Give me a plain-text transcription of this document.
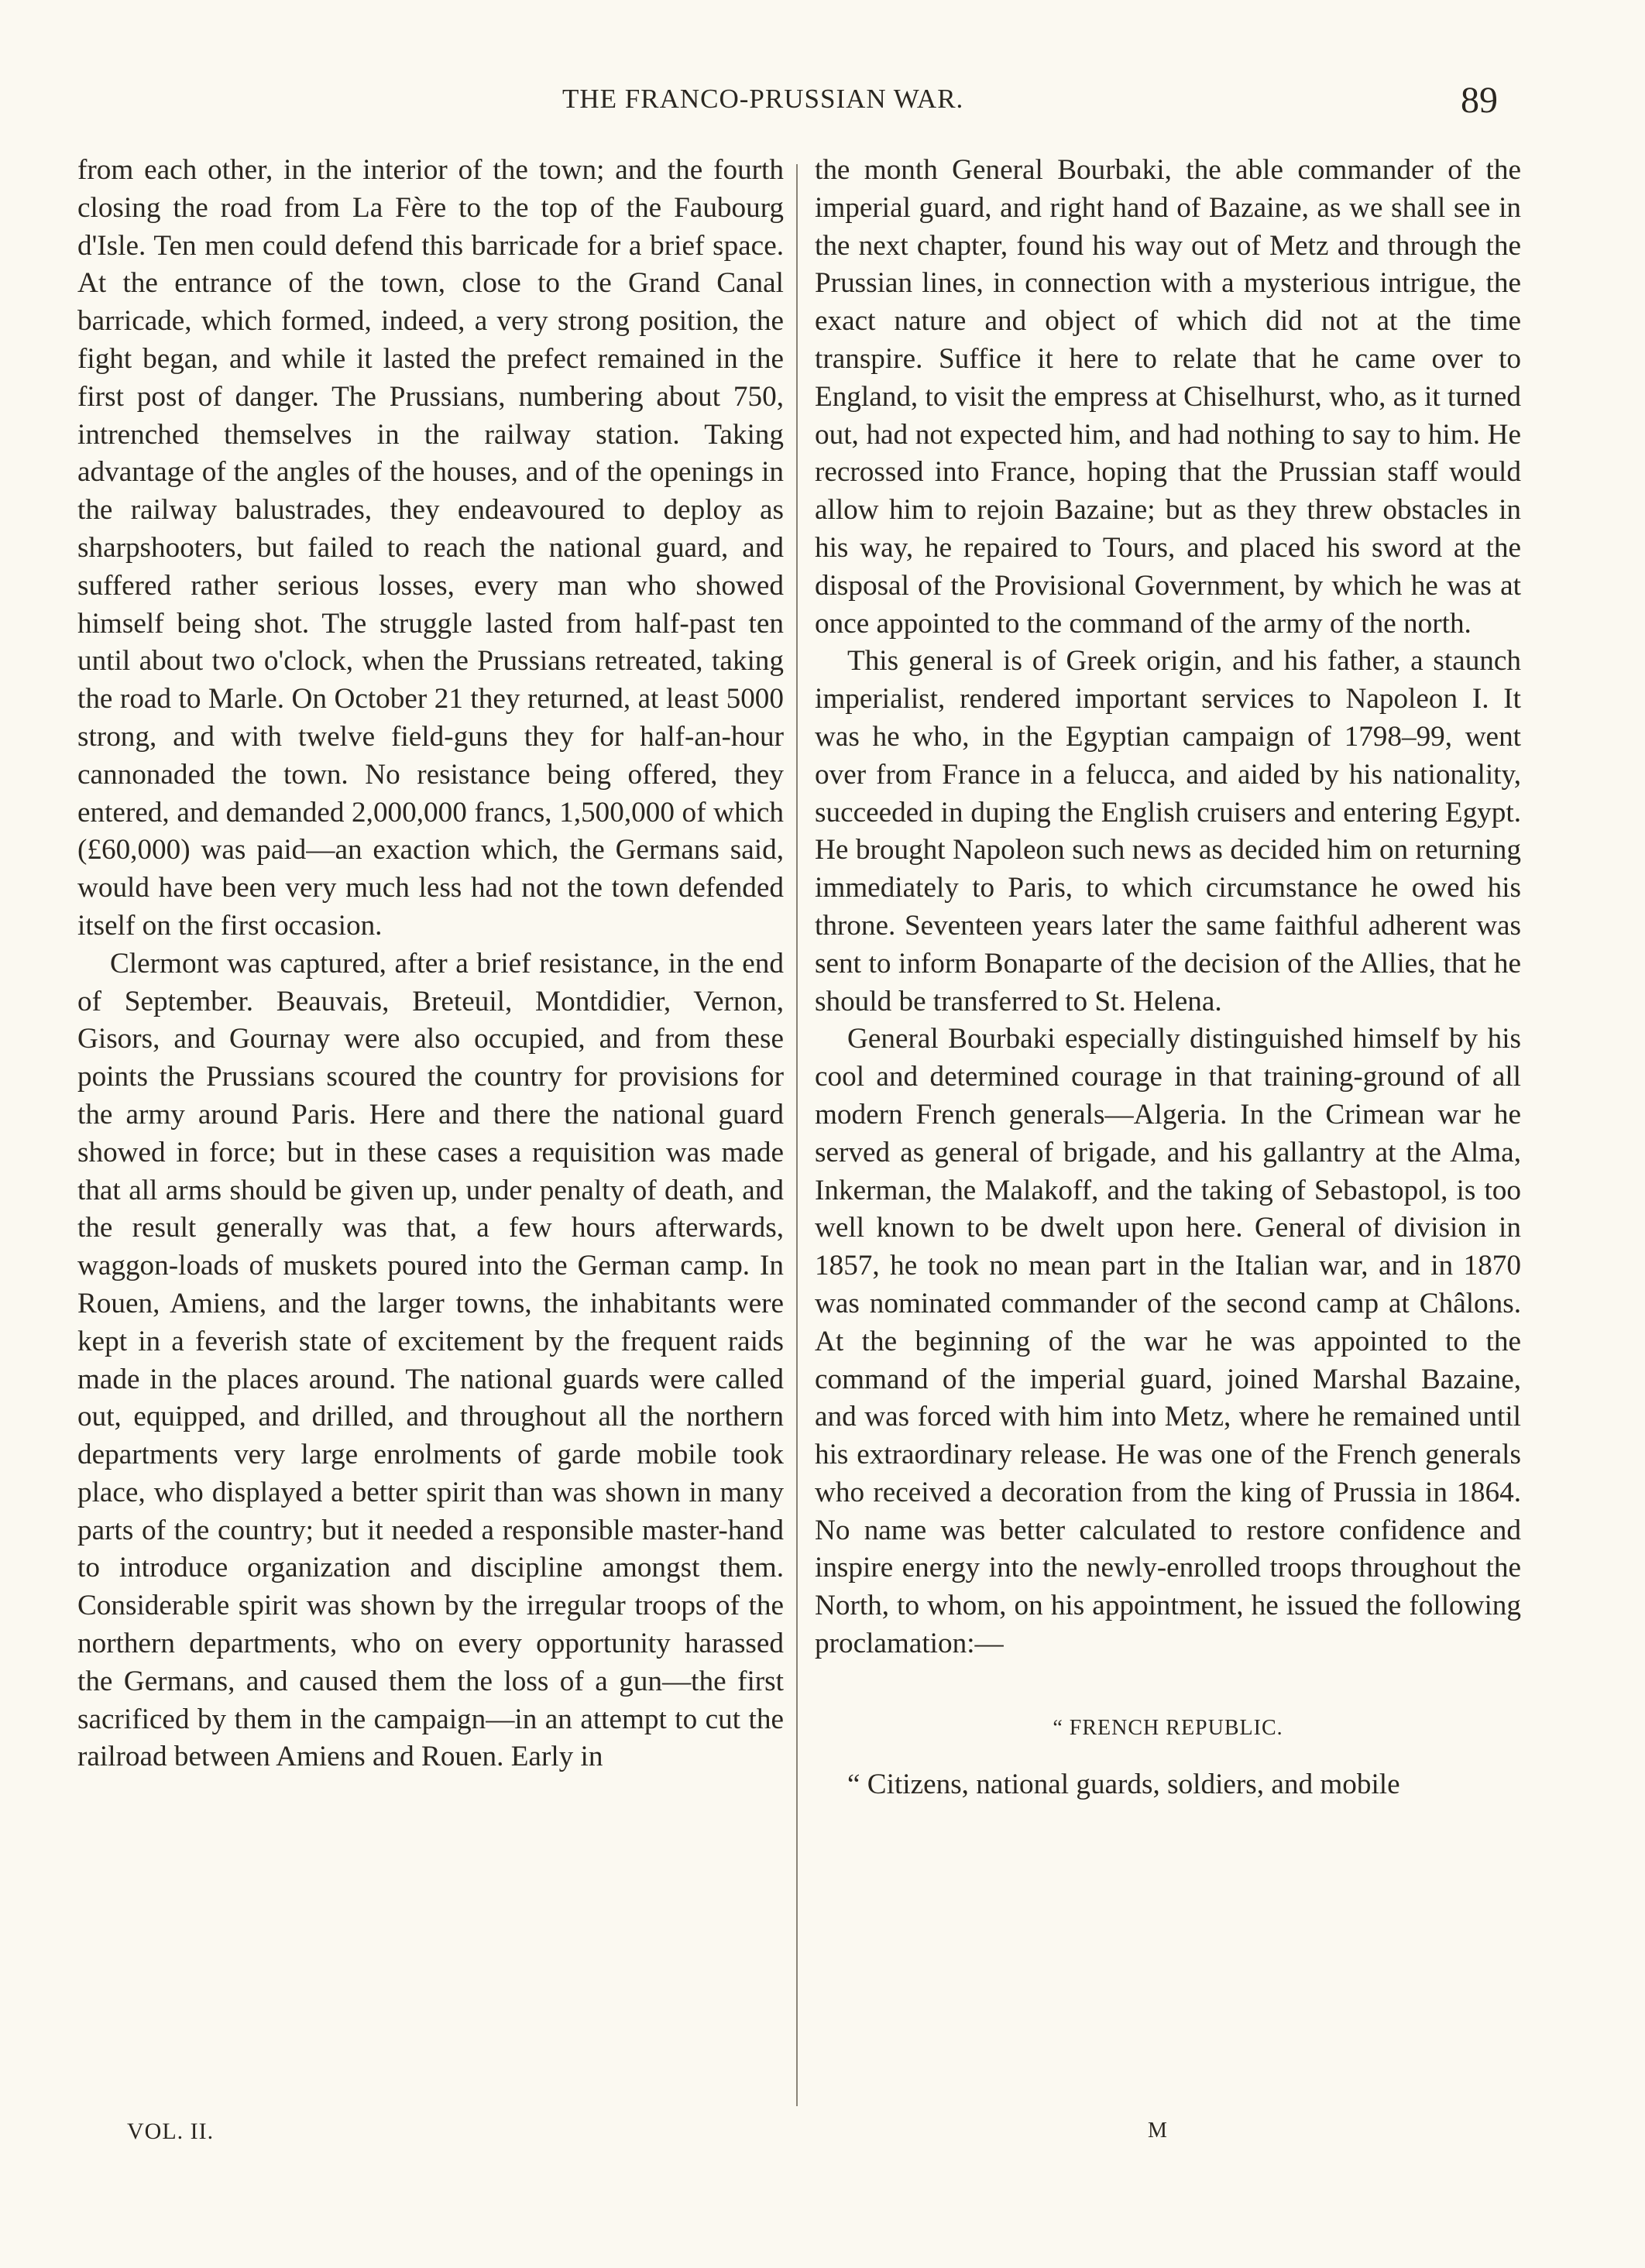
THE FRANCO-PRUSSIAN WAR.	89

from each other, in the interior of the town; and the fourth closing the road from La Fère to the top of the Faubourg d'Isle. Ten men could defend this barricade for a brief space. At the entrance of the town, close to the Grand Canal barricade, which formed, indeed, a very strong position, the fight began, and while it lasted the prefect remained in the first post of danger. The Prussians, numbering about 750, intrenched themselves in the railway station. Taking advantage of the angles of the houses, and of the openings in the railway balustrades, they endeavoured to deploy as sharpshooters, but failed to reach the national guard, and suffered rather serious losses, every man who showed himself being shot. The struggle lasted from half-past ten until about two o'clock, when the Prussians retreated, taking the road to Marle. On October 21 they returned, at least 5000 strong, and with twelve field-guns they for half-an-hour cannonaded the town. No resistance being offered, they entered, and demanded 2,000,000 francs, 1,500,000 of which (£60,000) was paid—an exaction which, the Germans said, would have been very much less had not the town defended itself on the first occasion.

Clermont was captured, after a brief resistance, in the end of September. Beauvais, Breteuil, Montdidier, Vernon, Gisors, and Gournay were also occupied, and from these points the Prussians scoured the country for provisions for the army around Paris. Here and there the national guard showed in force; but in these cases a requisition was made that all arms should be given up, under penalty of death, and the result generally was that, a few hours afterwards, waggon-loads of muskets poured into the German camp. In Rouen, Amiens, and the larger towns, the inhabitants were kept in a feverish state of excitement by the frequent raids made in the places around. The national guards were called out, equipped, and drilled, and throughout all the northern departments very large enrolments of garde mobile took place, who displayed a better spirit than was shown in many parts of the country; but it needed a responsible master-hand to introduce organization and discipline amongst them. Considerable spirit was shown by the irregular troops of the northern departments, who on every opportunity harassed the Germans, and caused them the loss of a gun—the first sacrificed by them in the campaign—in an attempt to cut the railroad between Amiens and Rouen. Early in

the month General Bourbaki, the able commander of the imperial guard, and right hand of Bazaine, as we shall see in the next chapter, found his way out of Metz and through the Prussian lines, in connection with a mysterious intrigue, the exact nature and object of which did not at the time transpire. Suffice it here to relate that he came over to England, to visit the empress at Chiselhurst, who, as it turned out, had not expected him, and had nothing to say to him. He recrossed into France, hoping that the Prussian staff would allow him to rejoin Bazaine; but as they threw obstacles in his way, he repaired to Tours, and placed his sword at the disposal of the Provisional Government, by which he was at once appointed to the command of the army of the north.

This general is of Greek origin, and his father, a staunch imperialist, rendered important services to Napoleon I. It was he who, in the Egyptian campaign of 1798–99, went over from France in a felucca, and aided by his nationality, succeeded in duping the English cruisers and entering Egypt. He brought Napoleon such news as decided him on returning immediately to Paris, to which circumstance he owed his throne. Seventeen years later the same faithful adherent was sent to inform Bonaparte of the decision of the Allies, that he should be transferred to St. Helena.

General Bourbaki especially distinguished himself by his cool and determined courage in that training-ground of all modern French generals—Algeria. In the Crimean war he served as general of brigade, and his gallantry at the Alma, Inkerman, the Malakoff, and the taking of Sebastopol, is too well known to be dwelt upon here. General of division in 1857, he took no mean part in the Italian war, and in 1870 was nominated commander of the second camp at Châlons. At the beginning of the war he was appointed to the command of the imperial guard, joined Marshal Bazaine, and was forced with him into Metz, where he remained until his extraordinary release. He was one of the French generals who received a decoration from the king of Prussia in 1864. No name was better calculated to restore confidence and inspire energy into the newly-enrolled troops throughout the North, to whom, on his appointment, he issued the following proclamation:—

“ FRENCH REPUBLIC.

“ Citizens, national guards, soldiers, and mobile

VOL. II.	M
